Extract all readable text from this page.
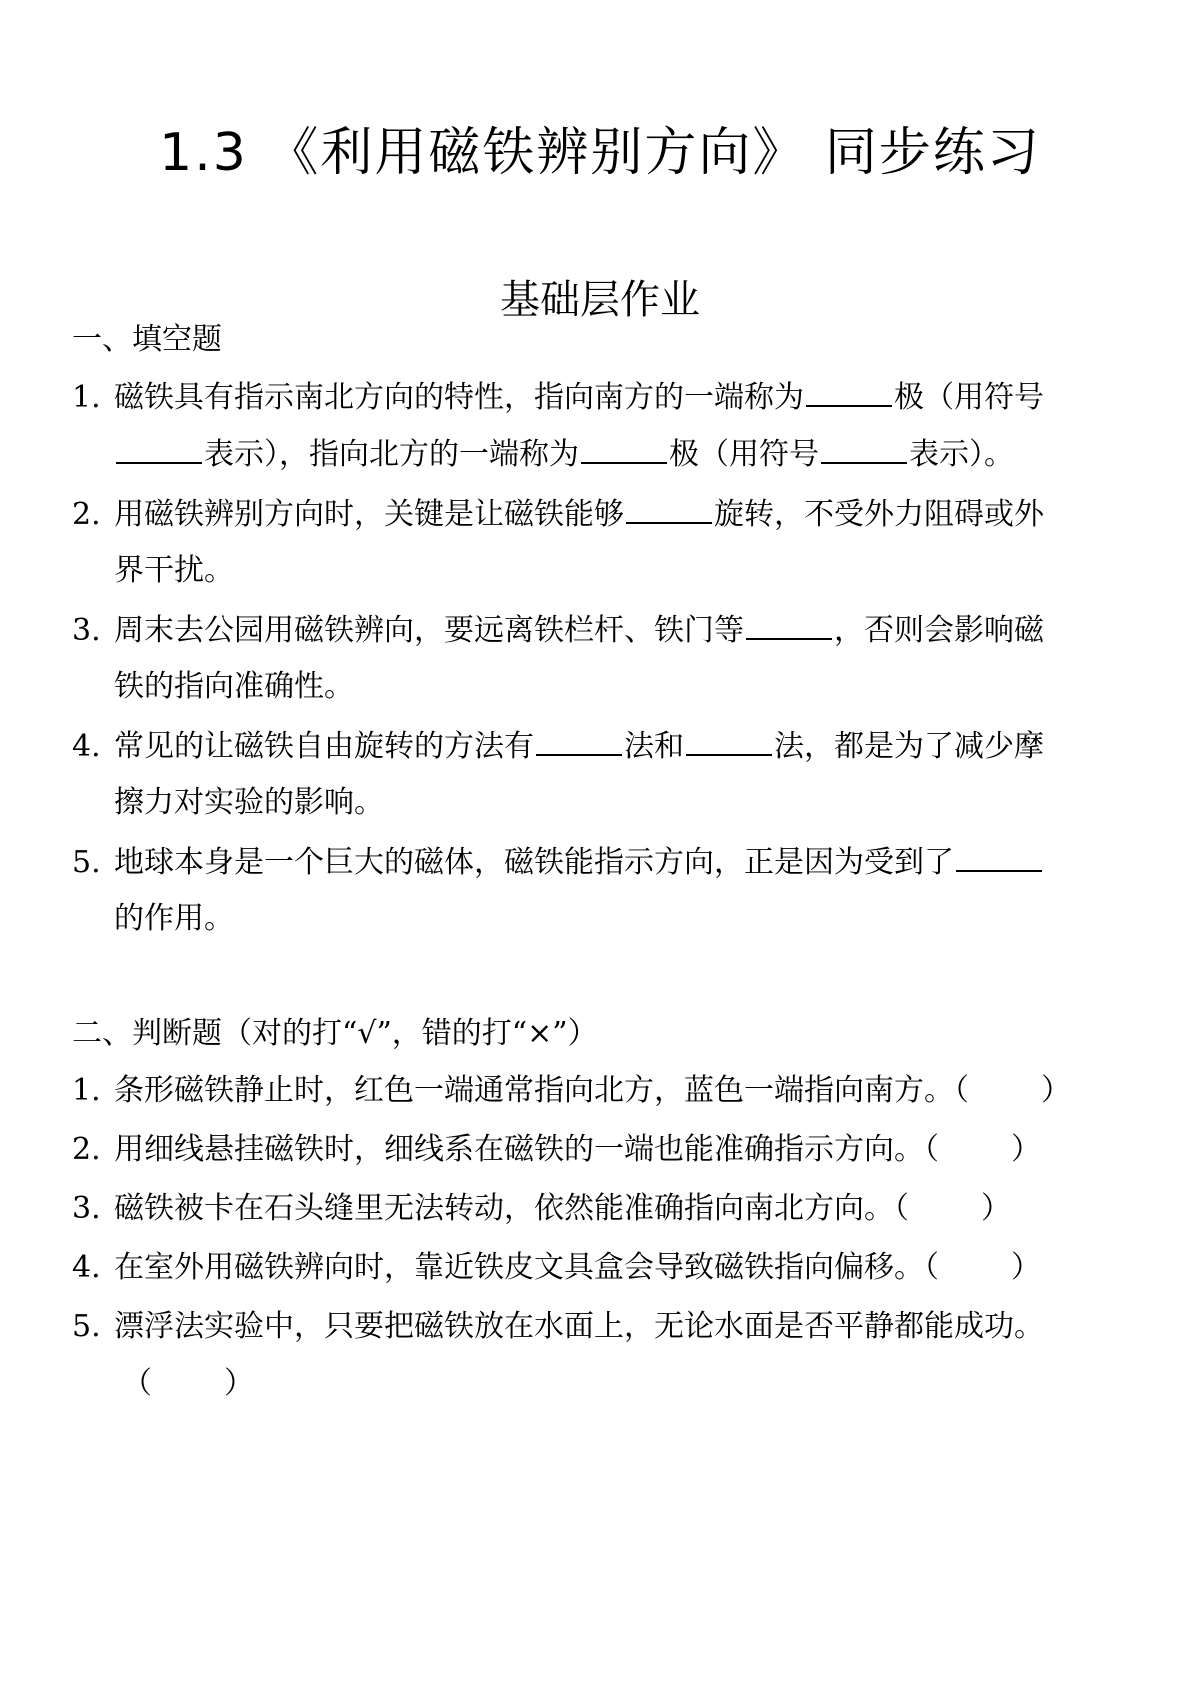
1.3 《利用磁铁辨别方向》 同步练习
基础层作业
一、填空题
1. 磁铁具有指示南北方向的特性，指向南方的一端称为	极（用符号
表示），指向北方的一端称为	极（用符号	表示）。
2. 用磁铁辨别方向时，关键是让磁铁能够	旋转，不受外力阻碍或外
界干扰。
3. 周末去公园用磁铁辨向，要远离铁栏杆、铁门等	，否则会影响磁
铁的指向准确性。
4. 常见的让磁铁自由旋转的方法有	法和	法，都是为了减少摩
擦力对实验的影响。
5. 地球本身是一个巨大的磁体，磁铁能指示方向，正是因为受到了
的作用。
二、判断题（对的打“√”，错的打“×”）
1. 条形磁铁静止时，红色一端通常指向北方，蓝色一端指向南方。（ ）
2. 用细线悬挂磁铁时，细线系在磁铁的一端也能准确指示方向。（ ）
3. 磁铁被卡在石头缝里无法转动，依然能准确指向南北方向。（ ）
4. 在室外用磁铁辨向时，靠近铁皮文具盒会导致磁铁指向偏移。（ ）
5. 漂浮法实验中，只要把磁铁放在水面上，无论水面是否平静都能成功。
（ ）
